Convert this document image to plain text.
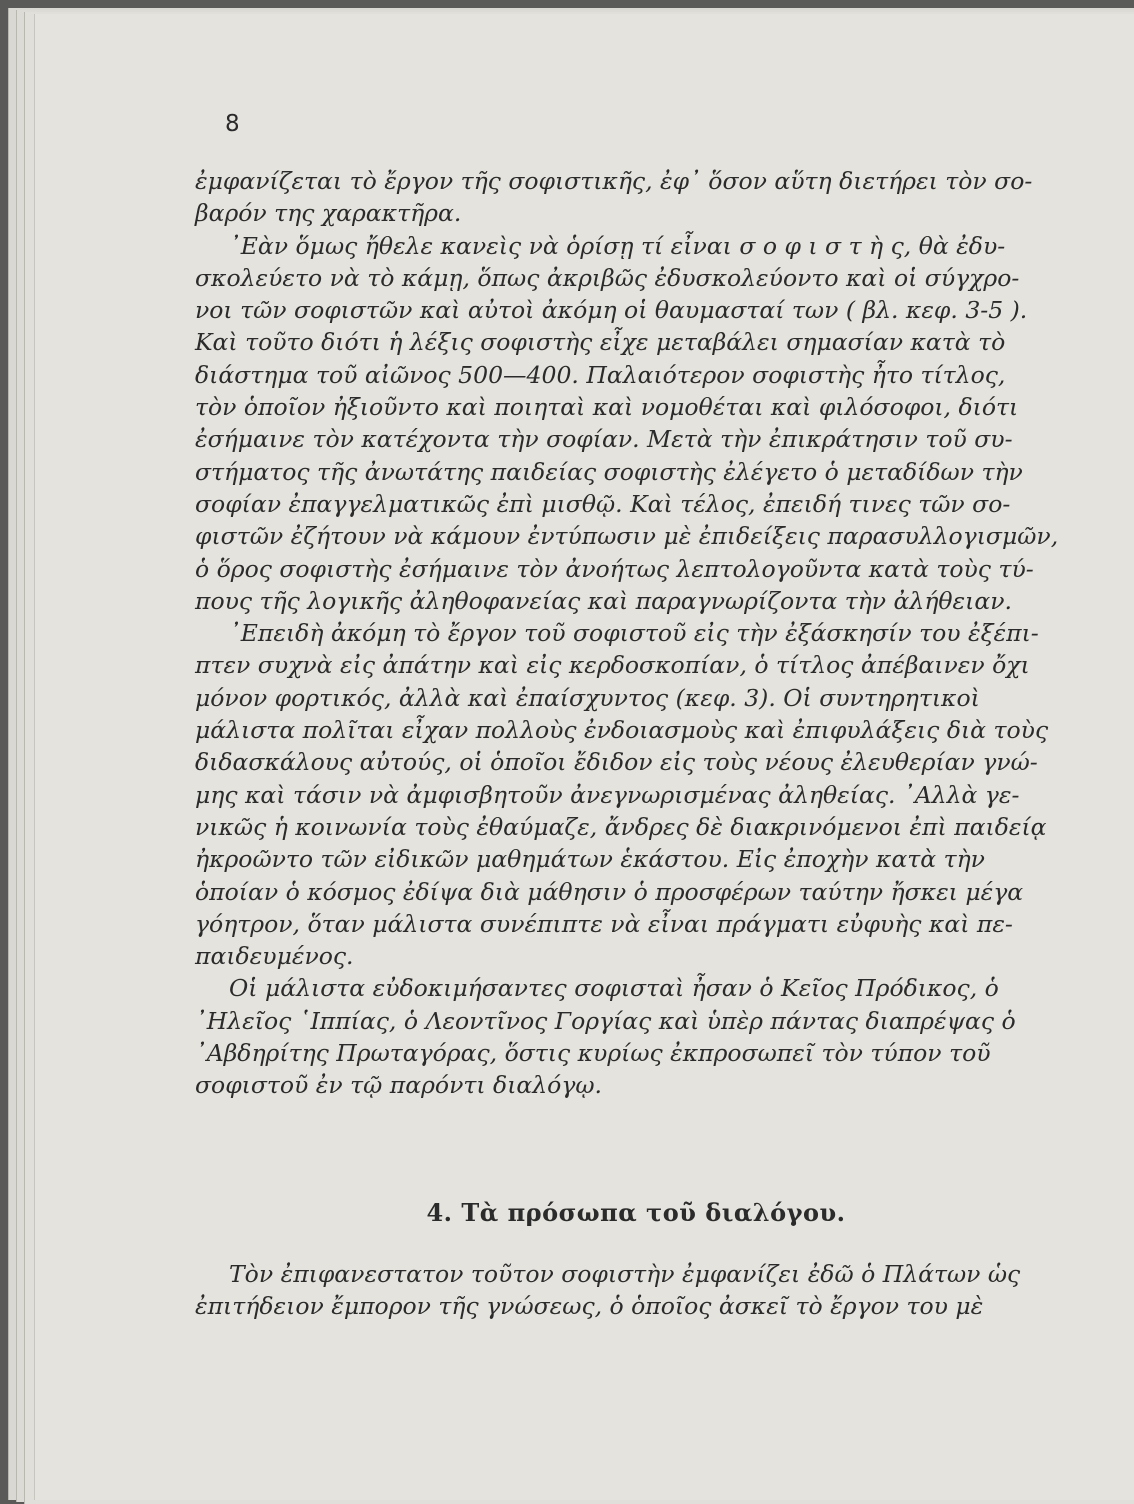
8
ἐμφανίζεται τὸ ἔργον τῆς σοφιστικῆς, ἐφ᾽ ὅσον αὕτη διετήρει τὸν σο-
βαρόν της χαρακτῆρα.
᾽Εὰν ὅμως ἤθελε κανεὶς νὰ ὁρίσῃ τί εἶναι σ ο φ ι σ τ ὴ ς, θὰ ἐδυ-
σκολεύετο νὰ τὸ κάμῃ, ὅπως ἀκριβῶς ἐδυσκολεύοντο καὶ οἱ σύγχρο-
νοι τῶν σοφιστῶν καὶ αὐτοὶ ἀκόμη οἱ θαυμασταί των ( βλ. κεφ. 3-5 ).
Καὶ τοῦτο διότι ἡ λέξις σοφιστὴς εἶχε μεταβάλει σημασίαν κατὰ τὸ
διάστημα τοῦ αἰῶνος 500—400. Παλαιότερον σοφιστὴς ἦτο τίτλος,
τὸν ὁποῖον ἠξιοῦντο καὶ ποιηταὶ καὶ νομοθέται καὶ φιλόσοφοι, διότι
ἐσήμαινε τὸν κατέχοντα τὴν σοφίαν. Μετὰ τὴν ἐπικράτησιν τοῦ συ-
στήματος τῆς ἀνωτάτης παιδείας σοφιστὴς ἐλέγετο ὁ μεταδίδων τὴν
σοφίαν ἐπαγγελματικῶς ἐπὶ μισθῷ. Καὶ τέλος, ἐπειδή τινες τῶν σο-
φιστῶν ἐζήτουν νὰ κάμουν ἐντύπωσιν μὲ ἐπιδείξεις παρασυλλογισμῶν,
ὁ ὅρος σοφιστὴς ἐσήμαινε τὸν ἀνοήτως λεπτολογοῦντα κατὰ τοὺς τύ-
πους τῆς λογικῆς ἀληθοφανείας καὶ παραγνωρίζοντα τὴν ἀλήθειαν.
᾽Επειδὴ ἀκόμη τὸ ἔργον τοῦ σοφιστοῦ εἰς τὴν ἐξάσκησίν του ἐξέπι-
πτεν συχνὰ εἰς ἀπάτην καὶ εἰς κερδοσκοπίαν, ὁ τίτλος ἀπέβαινεν ὄχι
μόνον φορτικός, ἀλλὰ καὶ ἐπαίσχυντος (κεφ. 3). Οἱ συντηρητικοὶ
μάλιστα πολῖται εἶχαν πολλοὺς ἐνδοιασμοὺς καὶ ἐπιφυλάξεις διὰ τοὺς
διδασκάλους αὐτούς, οἱ ὁποῖοι ἔδιδον εἰς τοὺς νέους ἐλευθερίαν γνώ-
μης καὶ τάσιν νὰ ἀμφισβητοῦν ἀνεγνωρισμένας ἀληθείας. ᾽Αλλὰ γε-
νικῶς ἡ κοινωνία τοὺς ἐθαύμαζε, ἄνδρες δὲ διακρινόμενοι ἐπὶ παιδείᾳ
ἠκροῶντο τῶν εἰδικῶν μαθημάτων ἑκάστου. Εἰς ἐποχὴν κατὰ τὴν
ὁποίαν ὁ κόσμος ἐδίψα διὰ μάθησιν ὁ προσφέρων ταύτην ἤσκει μέγα
γόητρον, ὅταν μάλιστα συνέπιπτε νὰ εἶναι πράγματι εὐφυὴς καὶ πε-
παιδευμένος.
Οἱ μάλιστα εὐδοκιμήσαντες σοφισταὶ ἦσαν ὁ Κεῖος Πρόδικος, ὁ
᾽Ηλεῖος ῾Ιππίας, ὁ Λεοντῖνος Γοργίας καὶ ὑπὲρ πάντας διαπρέψας ὁ
᾽Αβδηρίτης Πρωταγόρας, ὅστις κυρίως ἐκπροσωπεῖ τὸν τύπον τοῦ
σοφιστοῦ ἐν τῷ παρόντι διαλόγῳ.
4. Τὰ πρόσωπα τοῦ διαλόγου.
Τὸν ἐπιφανεστατον τοῦτον σοφιστὴν ἐμφανίζει ἐδῶ ὁ Πλάτων ὡς
ἐπιτήδειον ἔμπορον τῆς γνώσεως, ὁ ὁποῖος ἀσκεῖ τὸ ἔργον του μὲ
